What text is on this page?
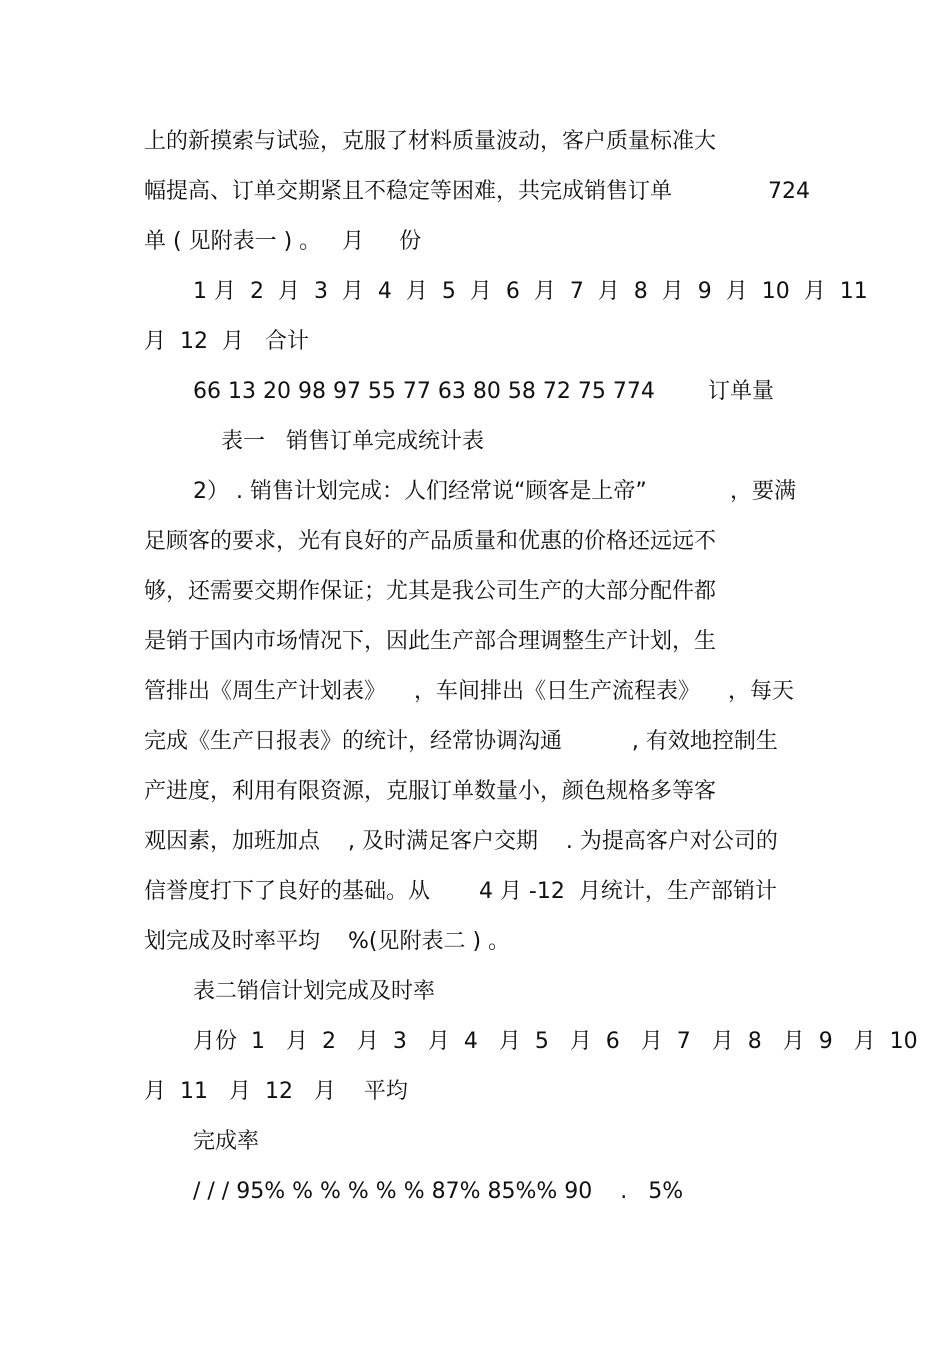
上的新摸索与试验，克服了材料质量波动，客户质量标准大
幅提高、订单交期紧且不稳定等困难，共完成销售订单	724
单 ( 见附表一 ) 。   月     份
1 月  2  月  3  月  4  月  5  月  6  月  7  月  8  月  9  月  10  月  11
月  12  月   合计
66 13 20 98 97 55 77 63 80 58 72 75 774 订单量
表一   销售订单完成统计表
2） . 销售计划完成：人们经常说“顾客是上帝”	，要满
足顾客的要求，光有良好的产品质量和优惠的价格还远远不
够，还需要交期作保证；尤其是我公司生产的大部分配件都
是销于国内市场情况下，因此生产部合理调整生产计划，生
管排出《周生产计划表》    ，车间排出《日生产流程表》    ，每天
完成《生产日报表》的统计，经常协调沟通          , 有效地控制生
产进度，利用有限资源，克服订单数量小，颜色规格多等客
观因素，加班加点    , 及时满足客户交期    . 为提高客户对公司的
信誉度打下了良好的基础。从       4 月 -12  月统计，生产部销计
划完成及时率平均    %(见附表二 ) 。
表二销信计划完成及时率
月份  1   月  2   月  3   月  4   月  5   月  6   月  7   月  8   月  9   月  10
月  11   月  12   月    平均
完成率
/ / / 95% % % % % % 87% 85%% 90    .   5%
